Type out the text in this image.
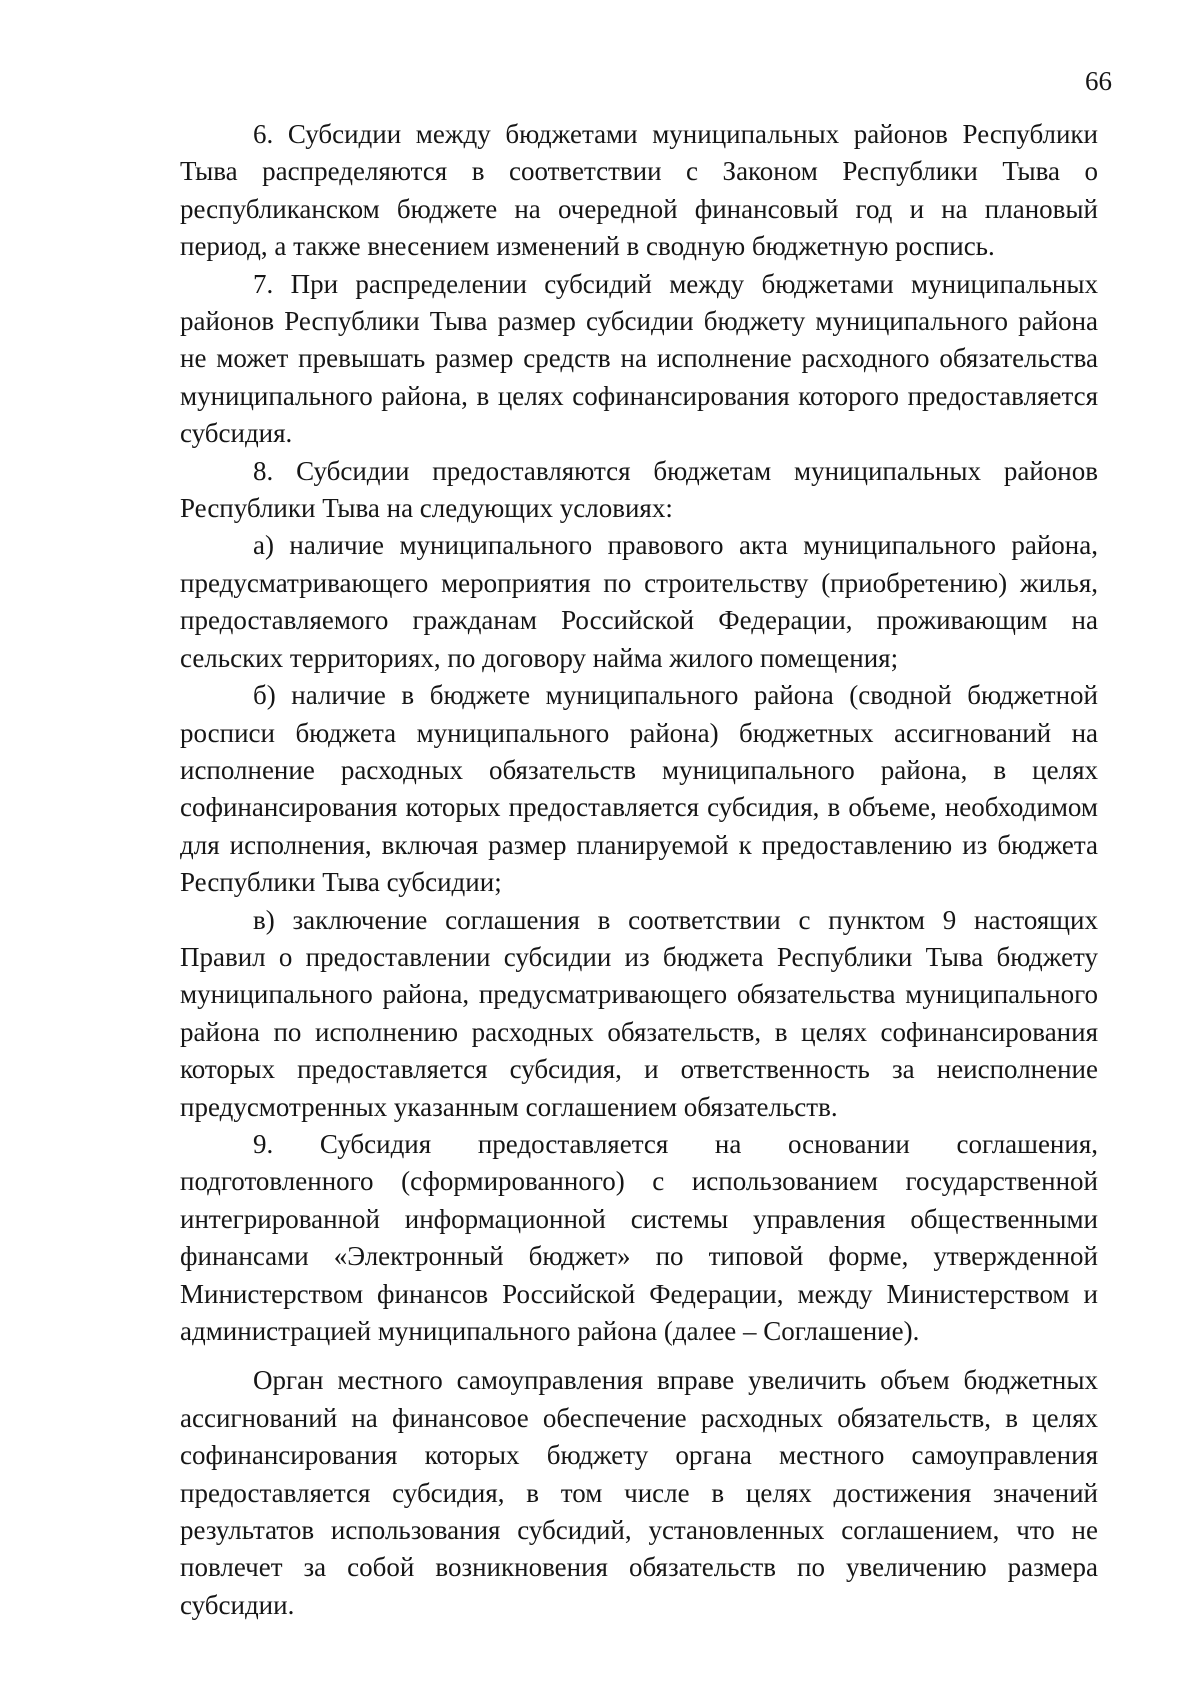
66

6. Субсидии между бюджетами муниципальных районов Республики Тыва распределяются в соответствии с Законом Республики Тыва о республиканском бюджете на очередной финансовый год и на плановый период, а также внесением изменений в сводную бюджетную роспись.

7. При распределении субсидий между бюджетами муниципальных районов Республики Тыва размер субсидии бюджету муниципального района не может превышать размер средств на исполнение расходного обязательства муниципального района, в целях софинансирования которого предоставляется субсидия.

8. Субсидии предоставляются бюджетам муниципальных районов Республики Тыва на следующих условиях:

а) наличие муниципального правового акта муниципального района, предусматривающего мероприятия по строительству (приобретению) жилья, предоставляемого гражданам Российской Федерации, проживающим на сельских территориях, по договору найма жилого помещения;

б) наличие в бюджете муниципального района (сводной бюджетной росписи бюджета муниципального района) бюджетных ассигнований на исполнение расходных обязательств муниципального района, в целях софинансирования которых предоставляется субсидия, в объеме, необходимом для исполнения, включая размер планируемой к предоставлению из бюджета Республики Тыва субсидии;

в) заключение соглашения в соответствии с пунктом 9 настоящих Правил о предоставлении субсидии из бюджета Республики Тыва бюджету муниципального района, предусматривающего обязательства муниципального района по исполнению расходных обязательств, в целях софинансирования которых предоставляется субсидия, и ответственность за неисполнение предусмотренных указанным соглашением обязательств.

9. Субсидия предоставляется на основании соглашения, подготовленного (сформированного) с использованием государственной интегрированной информационной системы управления общественными финансами «Электронный бюджет» по типовой форме, утвержденной Министерством финансов Российской Федерации, между Министерством и администрацией муниципального района (далее – Соглашение).

Орган местного самоуправления вправе увеличить объем бюджетных ассигнований на финансовое обеспечение расходных обязательств, в целях софинансирования которых бюджету органа местного самоуправления предоставляется субсидия, в том числе в целях достижения значений результатов использования субсидий, установленных соглашением, что не повлечет за собой возникновения обязательств по увеличению размера субсидии.
